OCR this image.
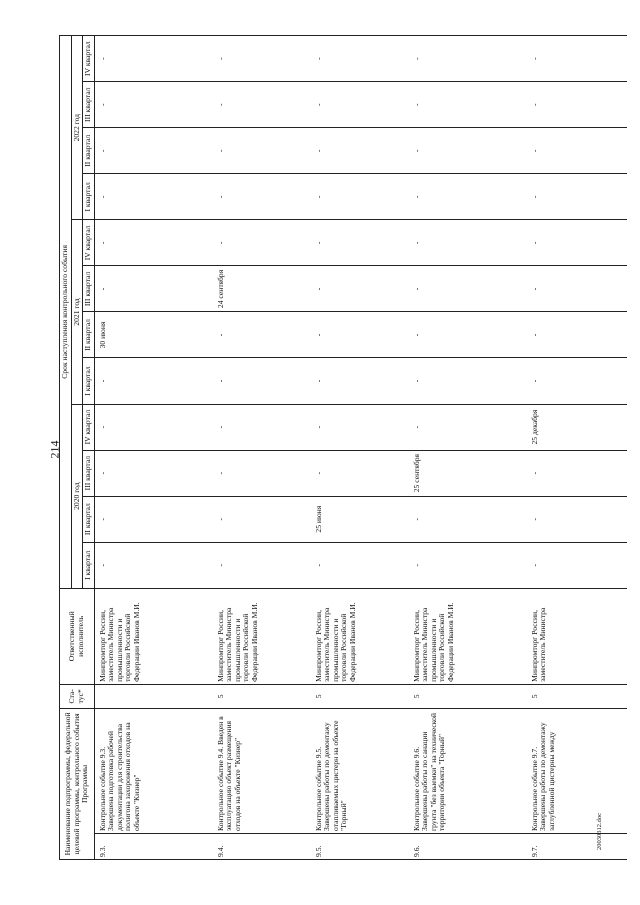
214
20030312.doc
Наименование подпрограммы, федеральной целевой программы, контрольного события Программы		Ста-тус*	Ответственный исполнитель	Срок наступления контрольного события											
				2020 год				2021 год				2022 год			
				I квартал	II квартал	III квартал	IV квартал	I квартал	II квартал	III квартал	IV квартал	I квартал	II квартал	III квартал	IV квартал
9.3.	Контрольное событие 9.3. Завершена подготовка рабочей документации для строительства полигона захоронения отходов на объекте "Кизнер"		Минпромторг России, заместитель Министра промышленности и торговли Российской Федерации Иванов М.И.	-	-	-	-	-	30 июня	-	-	-	-	-	-
9.4.	Контрольное событие 9.4. Введен в эксплуатацию объект размещения отходов на объекте "Кизнер"	5	Минпромторг России, заместитель Министра промышленности и торговли Российской Федерации Иванов М.И.	-	-	-	-	-	-	24 сентября	-	-	-	-	-
9.5.	Контрольное событие 9.5. Завершены работы по демонтажу отапливаемых цистерн на объекте "Горный"	5	Минпромторг России, заместитель Министра промышленности и торговли Российской Федерации Иванов М.И.	-	25 июня	-	-	-	-	-	-	-	-	-	-
9.6.	Контрольное событие 9.6. Завершены работы по санации грунта "без выемки" на технической территории объекта "Горный"	5	Минпромторг России, заместитель Министра промышленности и торговли Российской Федерации Иванов М.И.	-	-	25 сентября	-	-	-	-	-	-	-	-	-
9.7.	Контрольное событие 9.7. Завершены работы по демонтажу заглубленной цистерны между	5	Минпромторг России, заместитель Министра	-	-	-	25 декабря	-	-	-	-	-	-	-	-
